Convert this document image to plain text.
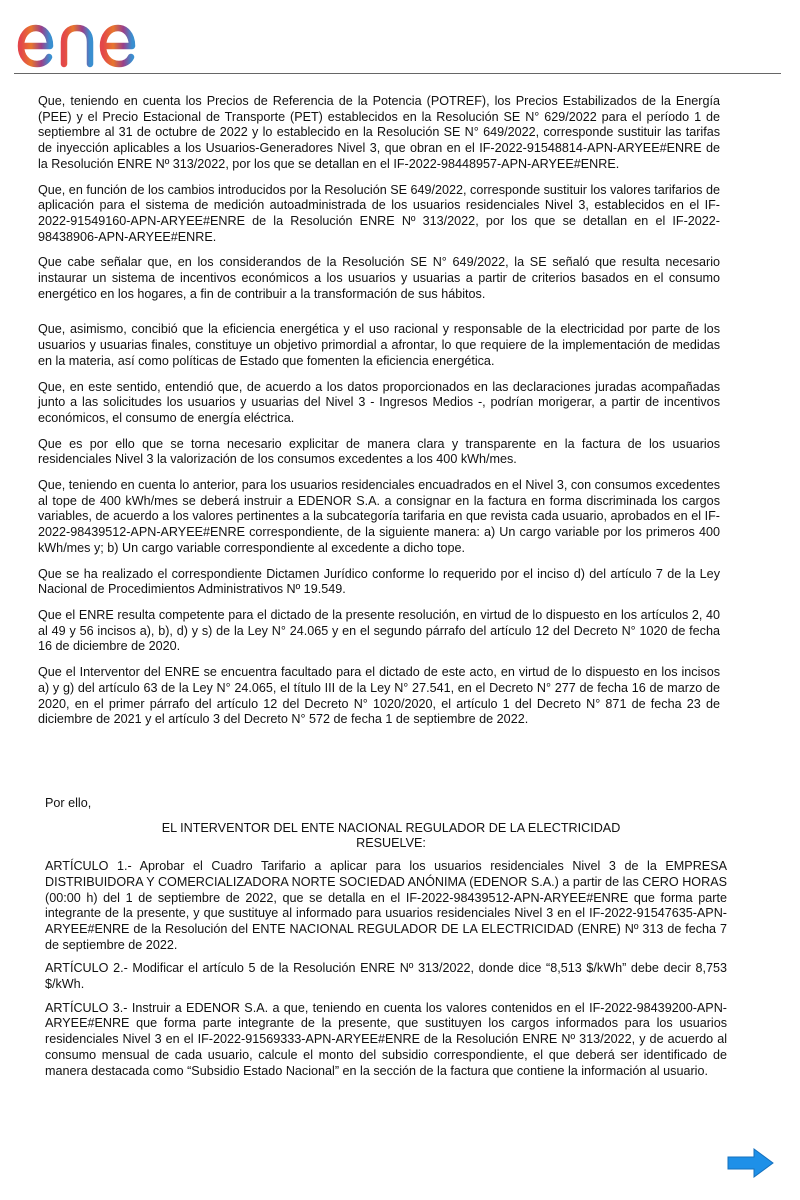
Que, teniendo en cuenta los Precios de Referencia de la Potencia (POTREF), los Precios Estabilizados de la Energía (PEE) y el Precio Estacional de Transporte (PET) establecidos en la Resolución SE N° 629/2022 para el período 1 de septiembre al 31 de octubre de 2022 y lo establecido en la Resolución SE N° 649/2022, corresponde sustituir las tarifas de inyección aplicables a los Usuarios-Generadores Nivel 3, que obran en el IF-2022-91548814-APN-ARYEE#ENRE de la Resolución ENRE Nº 313/2022, por los que se detallan en el IF-2022-98448957-APN-ARYEE#ENRE.

Que, en función de los cambios introducidos por la Resolución SE 649/2022, corresponde sustituir los valores tarifarios de aplicación para el sistema de medición autoadministrada de los usuarios residenciales Nivel 3, establecidos en el IF-2022-91549160-APN-ARYEE#ENRE de la Resolución ENRE Nº 313/2022, por los que se detallan en el IF-2022-98438906-APN-ARYEE#ENRE.

Que cabe señalar que, en los considerandos de la Resolución SE N° 649/2022, la SE señaló que resulta necesario instaurar un sistema de incentivos económicos a los usuarios y usuarias a partir de criterios basados en el consumo energético en los hogares, a fin de contribuir a la transformación de sus hábitos.

Que, asimismo, concibió que la eficiencia energética y el uso racional y responsable de la electricidad por parte de los usuarios y usuarias finales, constituye un objetivo primordial a afrontar, lo que requiere de la implementación de medidas en la materia, así como políticas de Estado que fomenten la eficiencia energética.

Que, en este sentido, entendió que, de acuerdo a los datos proporcionados en las declaraciones juradas acompañadas junto a las solicitudes los usuarios y usuarias del Nivel 3 - Ingresos Medios -, podrían morigerar, a partir de incentivos económicos, el consumo de energía eléctrica.

Que es por ello que se torna necesario explicitar de manera clara y transparente en la factura de los usuarios residenciales Nivel 3 la valorización de los consumos excedentes a los 400 kWh/mes.

Que, teniendo en cuenta lo anterior, para los usuarios residenciales encuadrados en el Nivel 3, con consumos excedentes al tope de 400 kWh/mes se deberá instruir a EDENOR S.A. a consignar en la factura en forma discriminada los cargos variables, de acuerdo a los valores pertinentes a la subcategoría tarifaria en que revista cada usuario, aprobados en el IF-2022-98439512-APN-ARYEE#ENRE correspondiente, de la siguiente manera: a) Un cargo variable por los primeros 400 kWh/mes y; b) Un cargo variable correspondiente al excedente a dicho tope.

Que se ha realizado el correspondiente Dictamen Jurídico conforme lo requerido por el inciso d) del artículo 7 de la Ley Nacional de Procedimientos Administrativos Nº 19.549.

Que el ENRE resulta competente para el dictado de la presente resolución, en virtud de lo dispuesto en los artículos 2, 40 al 49 y 56 incisos a), b), d) y s) de la Ley N° 24.065 y en el segundo párrafo del artículo 12 del Decreto N° 1020 de fecha 16 de diciembre de 2020.

Que el Interventor del ENRE se encuentra facultado para el dictado de este acto, en virtud de lo dispuesto en los incisos a) y g) del artículo 63 de la Ley N° 24.065, el título III de la Ley N° 27.541, en el Decreto N° 277 de fecha 16 de marzo de 2020, en el primer párrafo del artículo 12 del Decreto N° 1020/2020, el artículo 1 del Decreto N° 871 de fecha 23 de diciembre de 2021 y el artículo 3 del Decreto N° 572 de fecha 1 de septiembre de 2022.

Por ello,

EL INTERVENTOR DEL ENTE NACIONAL REGULADOR DE LA ELECTRICIDAD
RESUELVE:

ARTÍCULO 1.- Aprobar el Cuadro Tarifario a aplicar para los usuarios residenciales Nivel 3 de la EMPRESA DISTRIBUIDORA Y COMERCIALIZADORA NORTE SOCIEDAD ANÓNIMA (EDENOR S.A.) a partir de las CERO HORAS (00:00 h) del 1 de septiembre de 2022, que se detalla en el IF-2022-98439512-APN-ARYEE#ENRE que forma parte integrante de la presente, y que sustituye al informado para usuarios residenciales Nivel 3 en el IF-2022-91547635-APN-ARYEE#ENRE de la Resolución del ENTE NACIONAL REGULADOR DE LA ELECTRICIDAD (ENRE) Nº 313 de fecha 7 de septiembre de 2022.

ARTÍCULO 2.- Modificar el artículo 5 de la Resolución ENRE Nº 313/2022, donde dice “8,513 $/kWh” debe decir 8,753 $/kWh.

ARTÍCULO 3.- Instruir a EDENOR S.A. a que, teniendo en cuenta los valores contenidos en el IF-2022-98439200-APN-ARYEE#ENRE que forma parte integrante de la presente, que sustituyen los cargos informados para los usuarios residenciales Nivel 3 en el IF-2022-91569333-APN-ARYEE#ENRE de la Resolución ENRE Nº 313/2022, y de acuerdo al consumo mensual de cada usuario, calcule el monto del subsidio correspondiente, el que deberá ser identificado de manera destacada como “Subsidio Estado Nacional” en la sección de la factura que contiene la información al usuario.
